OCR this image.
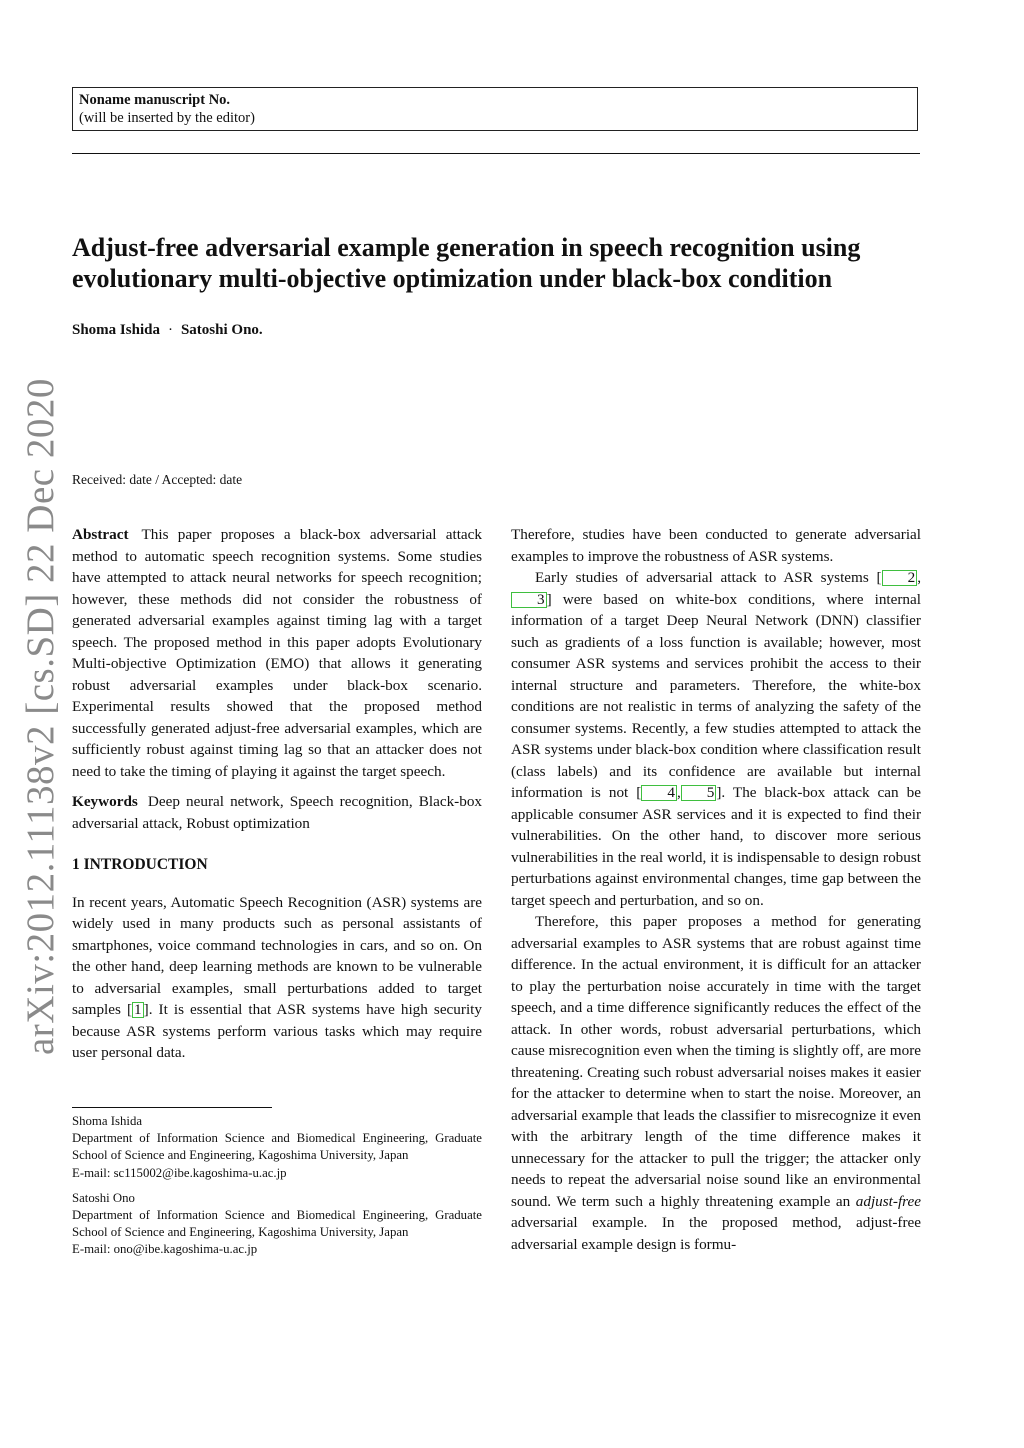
Noname manuscript No.
(will be inserted by the editor)
Adjust-free adversarial example generation in speech recognition using evolutionary multi-objective optimization under black-box condition
Shoma Ishida · Satoshi Ono.
Received: date / Accepted: date
arXiv:2012.11138v2 [cs.SD] 22 Dec 2020 Abstract This paper proposes a black-box adversarial attack method to automatic speech recognition systems. Some studies have attempted to attack neural networks for speech recognition; however, these methods did not consider the robustness of generated adversarial examples against timing lag with a target speech. The proposed method in this paper adopts Evolutionary Multi-objective Optimization (EMO) that allows it generating robust adversarial examples under black-box scenario. Experimental results showed that the proposed method successfully generated adjust-free adversarial examples, which are sufficiently robust against timing lag so that an attacker does not need to take the timing of playing it against the target speech.

Keywords Deep neural network, Speech recognition, Black-box adversarial attack, Robust optimization

1 INTRODUCTION

In recent years, Automatic Speech Recognition (ASR) systems are widely used in many products such as personal assistants of smartphones, voice command technologies in cars, and so on. On the other hand, deep learning methods are known to be vulnerable to adversarial examples, small perturbations added to target samples [ 1 ]. It is essential that ASR systems have high security because ASR systems perform various tasks which may require user personal data.

Shoma Ishida

Department of Information Science and Biomedical Engineering, Graduate School of Science and Engineering, Kagoshima University, Japan

E-mail: sc115002@ibe.kagoshima-u.ac.jp

Satoshi Ono

Department of Information Science and Biomedical Engineering, Graduate School of Science and Engineering, Kagoshima University, Japan

E-mail: ono@ibe.kagoshima-u.ac.jp

Therefore, studies have been conducted to generate adversarial examples to improve the robustness of ASR systems.

Early studies of adversarial attack to ASR systems [ 2 ,3 ] were based on white-box conditions, where internal information of a target Deep Neural Network (DNN) classifier such as gradients of a loss function is available; however, most consumer ASR systems and services prohibit the access to their internal structure and parameters. Therefore, the white-box conditions are not realistic in terms of analyzing the safety of the consumer systems. Recently, a few studies attempted to attack the ASR systems under black-box condition where classification result (class labels) and its confidence are available but internal information is not [ 4 , 5 ]. The black-box attack can be applicable consumer ASR services and it is expected to find their vulnerabilities. On the other hand, to discover more serious vulnerabilities in the real world, it is indispensable to design robust perturbations against environmental changes, time gap between the target speech and perturbation, and so on.

Therefore, this paper proposes a method for generating adversarial examples to ASR systems that are robust against time difference. In the actual environment, it is difficult for an attacker to play the perturbation noise accurately in time with the target speech, and a time difference significantly reduces the effect of the attack. In other words, robust adversarial perturbations, which cause misrecognition even when the timing is slightly off, are more threatening. Creating such robust adversarial noises makes it easier for the attacker to determine when to start the noise. Moreover, an adversarial example that leads the classifier to misrecognize it even with the arbitrary length of the time difference makes it unnecessary for the attacker to pull the trigger; the attacker only needs to repeat the adversarial noise sound like an environmental sound. We term such a highly threatening example an adjust-free adversarial example. In the proposed method, adjust-free adversarial example design is formu-
